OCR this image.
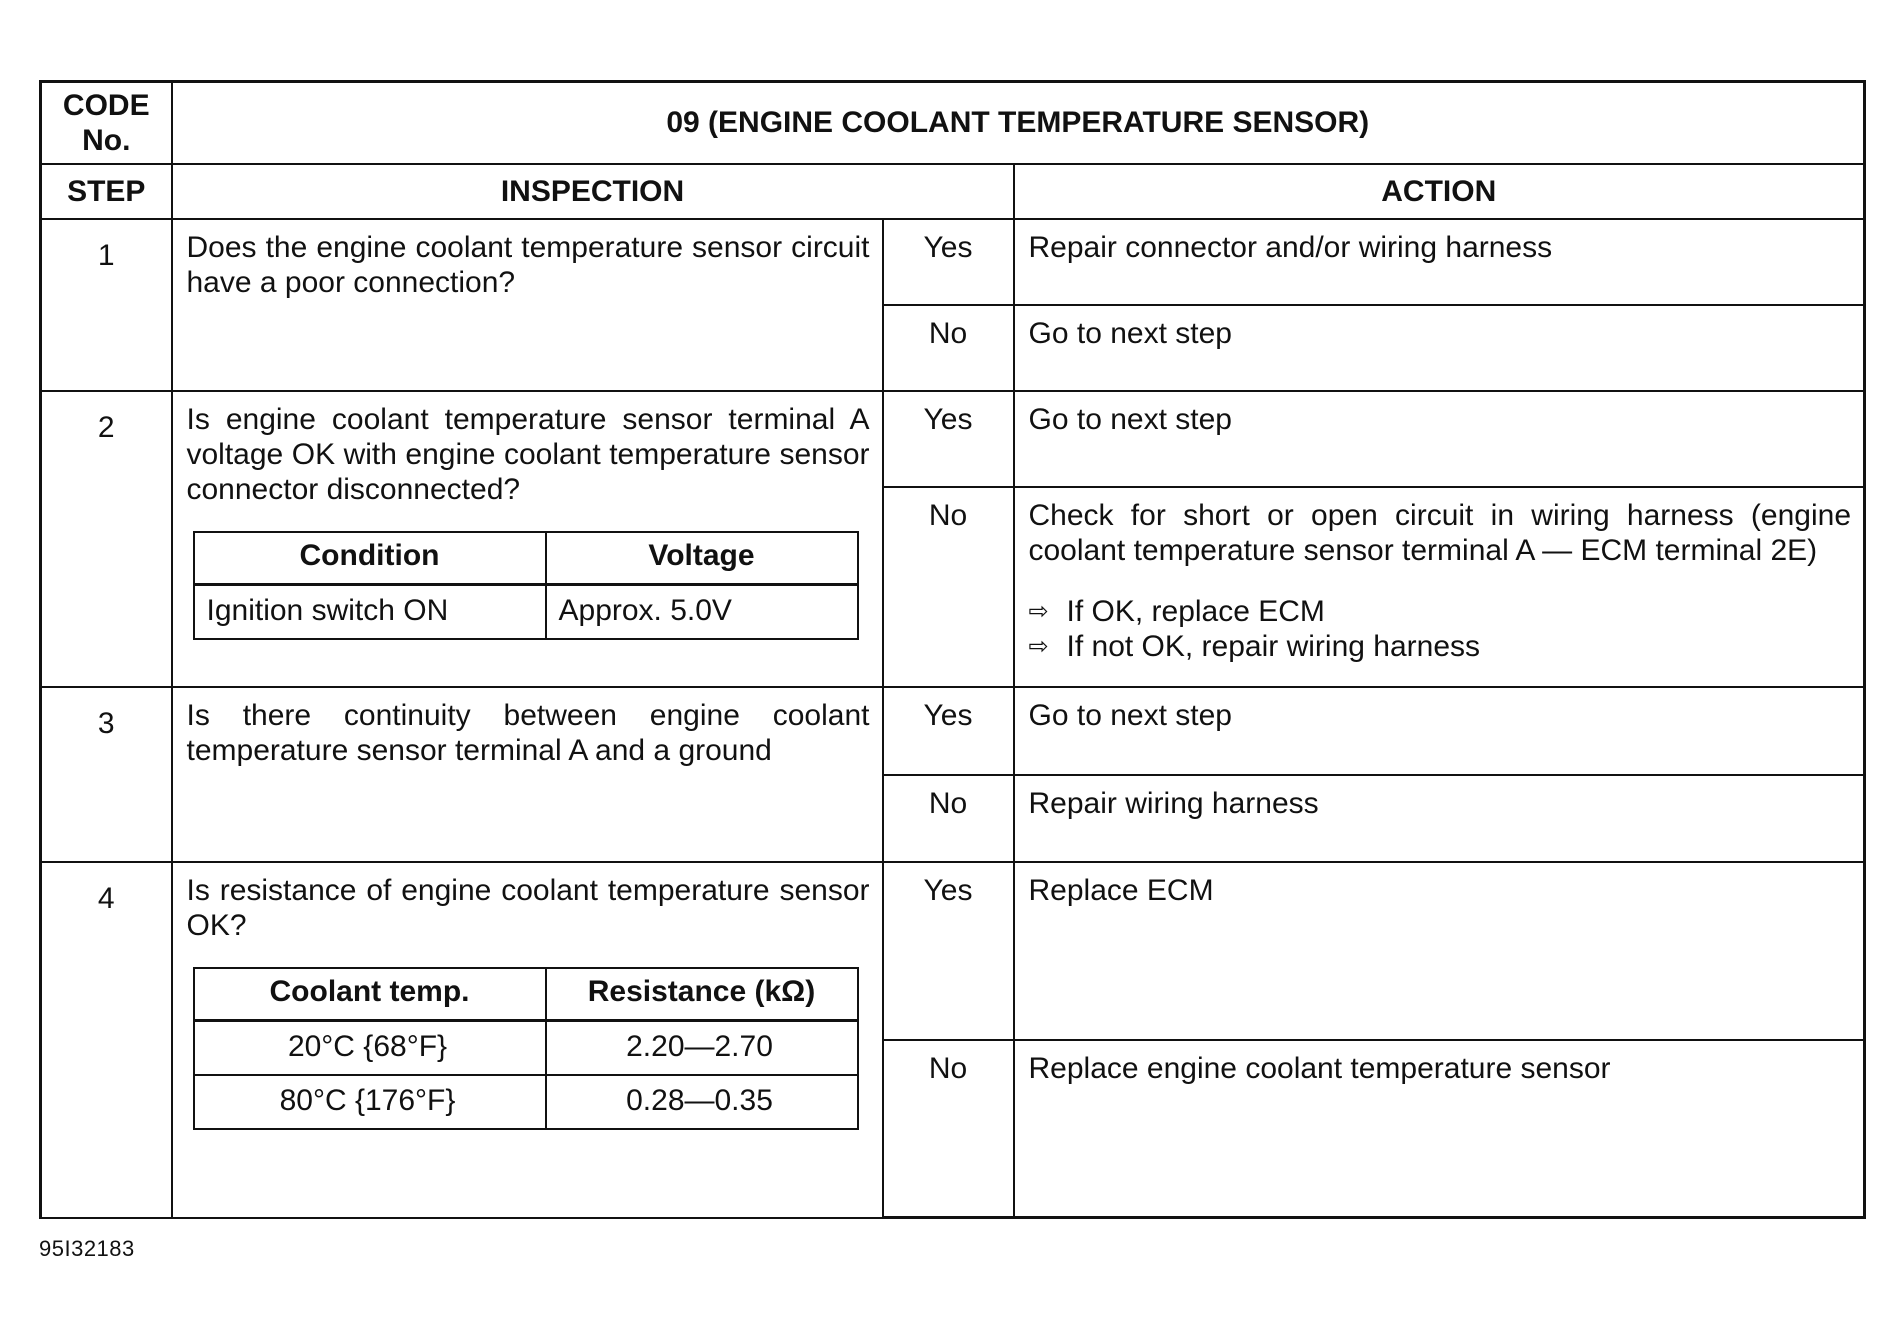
CODE
No.
	09 (ENGINE COOLANT TEMPERATURE SENSOR)
STEP	INSPECTION	ACTION

1	Does the engine coolant temperature sensor circuit have a poor connection?	
Yes	Repair connector and/or wiring harness

No	Go to next step

2	Is engine coolant temperature sensor terminal A voltage OK with engine coolant temperature sensor connector disconnected?
Condition	Voltage
Ignition switch ON	Approx. 5.0V

Yes	Go to next step

No	Check for short or open circuit in wiring harness (engine coolant temperature sensor terminal A — ECM terminal 2E)
⇨ If OK, replace ECM
⇨ If not OK, repair wiring harness

3	Is there continuity between engine coolant temperature sensor terminal A and a ground	
Yes	Go to next step

No	Repair wiring harness

4	Is resistance of engine coolant temperature sensor OK?
Coolant temp.	Resistance (kΩ)
20°C {68°F}	2.20—2.70
80°C {176°F}	0.28—0.35

Yes	Replace ECM

No	Replace engine coolant temperature sensor
95I32183
